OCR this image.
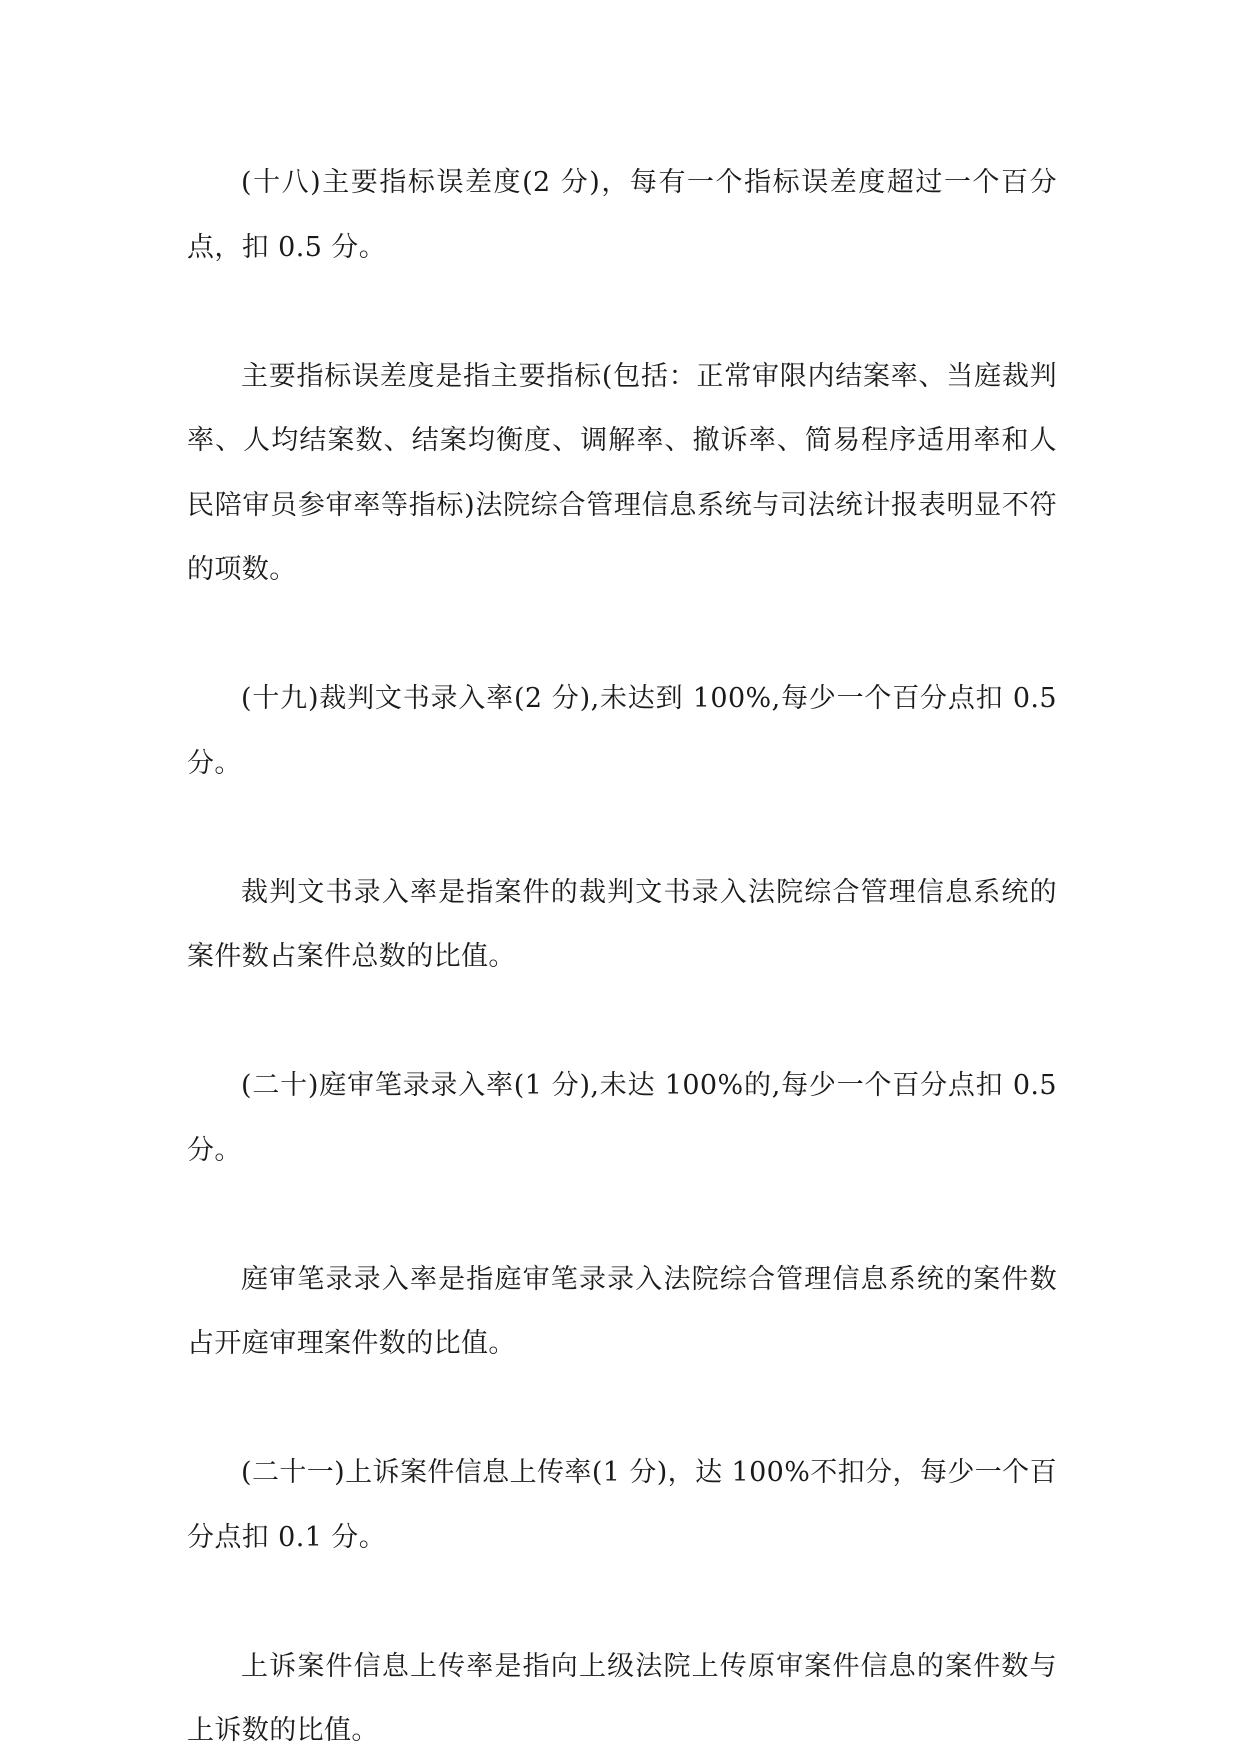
(十八)主要指标误差度(2 分)，每有一个指标误差度超过一个百分点，扣 0.5 分。

主要指标误差度是指主要指标(包括：正常审限内结案率、当庭裁判率、人均结案数、结案均衡度、调解率、撤诉率、简易程序适用率和人民陪审员参审率等指标)法院综合管理信息系统与司法统计报表明显不符的项数。

(十九)裁判文书录入率(2 分),未达到 100%,每少一个百分点扣 0.5 分。

裁判文书录入率是指案件的裁判文书录入法院综合管理信息系统的案件数占案件总数的比值。

(二十)庭审笔录录入率(1 分),未达 100%的,每少一个百分点扣 0.5 分。

庭审笔录录入率是指庭审笔录录入法院综合管理信息系统的案件数占开庭审理案件数的比值。

(二十一)上诉案件信息上传率(1 分)，达 100%不扣分，每少一个百分点扣 0.1 分。

上诉案件信息上传率是指向上级法院上传原审案件信息的案件数与上诉数的比值。
